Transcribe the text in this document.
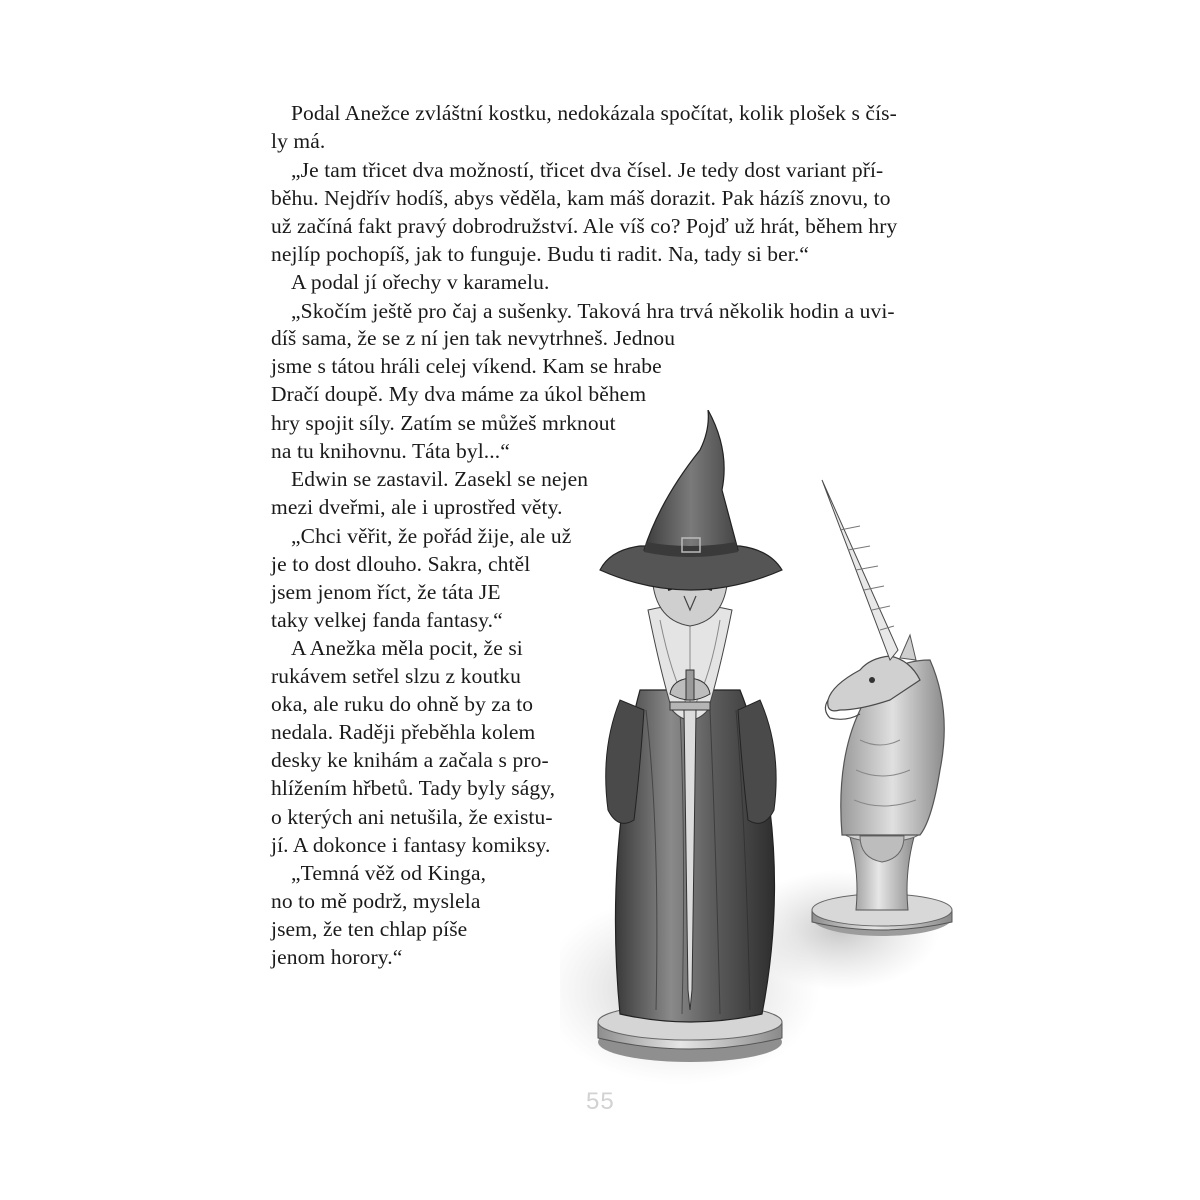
Podal Anežce zvláštní kostku, nedokázala spočítat, kolik plošek s čís-
ly má.
„Je tam třicet dva možností, třicet dva čísel. Je tedy dost variant pří-
běhu. Nejdřív hodíš, abys věděla, kam máš dorazit. Pak házíš znovu, to
už začíná fakt pravý dobrodružství. Ale víš co? Pojď už hrát, během hry
nejlíp pochopíš, jak to funguje. Budu ti radit. Na, tady si ber.“
A podal jí ořechy v karamelu.
„Skočím ještě pro čaj a sušenky. Taková hra trvá několik hodin a uvi-
díš sama, že se z ní jen tak nevytrhneš. Jednou
jsme s tátou hráli celej víkend. Kam se hrabe
Dračí doupě. My dva máme za úkol během
hry spojit síly. Zatím se můžeš mrknout
na tu knihovnu. Táta byl...“
Edwin se zastavil. Zasekl se nejen
mezi dveřmi, ale i uprostřed věty.
„Chci věřit, že pořád žije, ale už
je to dost dlouho. Sakra, chtěl
jsem jenom říct, že táta JE
taky velkej fanda fantasy.“
A Anežka měla pocit, že si
rukávem setřel slzu z koutku
oka, ale ruku do ohně by za to
nedala. Raději přeběhla kolem
desky ke knihám a začala s pro-
hlížením hřbetů. Tady byly ságy,
o kterých ani netušila, že existu-
jí. A dokonce i fantasy komiksy.
„Temná věž od Kinga,
no to mě podrž, myslela
jsem, že ten chlap píše
jenom horory.“
55
